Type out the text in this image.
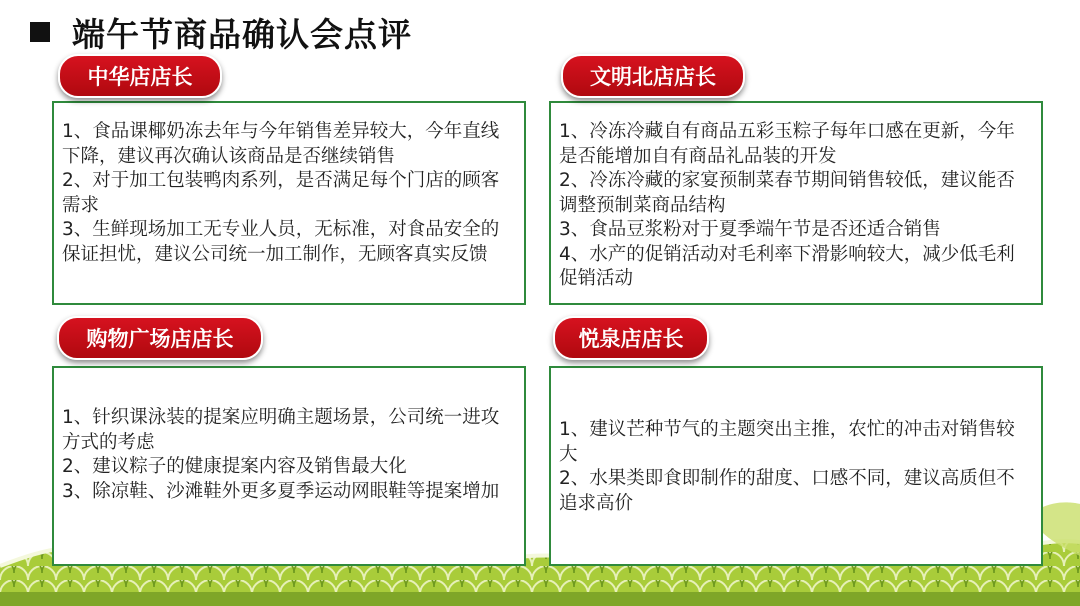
端午节商品确认会点评
中华店店长
1、食品课椰奶冻去年与今年销售差异较大，今年直线下降，建议再次确认该商品是否继续销售
2、对于加工包装鸭肉系列，是否满足每个门店的顾客需求
3、生鲜现场加工无专业人员，无标准，对食品安全的保证担忧，建议公司统一加工制作，无顾客真实反馈
文明北店店长
1、冷冻冷藏自有商品五彩玉粽子每年口感在更新，今年是否能增加自有商品礼品装的开发
2、冷冻冷藏的家宴预制菜春节期间销售较低，建议能否调整预制菜商品结构
3、食品豆浆粉对于夏季端午节是否还适合销售
4、水产的促销活动对毛利率下滑影响较大，减少低毛利促销活动
购物广场店店长
1、针织课泳装的提案应明确主题场景，公司统一进攻方式的考虑
2、建议粽子的健康提案内容及销售最大化
3、除凉鞋、沙滩鞋外更多夏季运动网眼鞋等提案增加
悦泉店店长
1、建议芒种节气的主题突出主推，农忙的冲击对销售较大
2、水果类即食即制作的甜度、口感不同，建议高质但不追求高价
